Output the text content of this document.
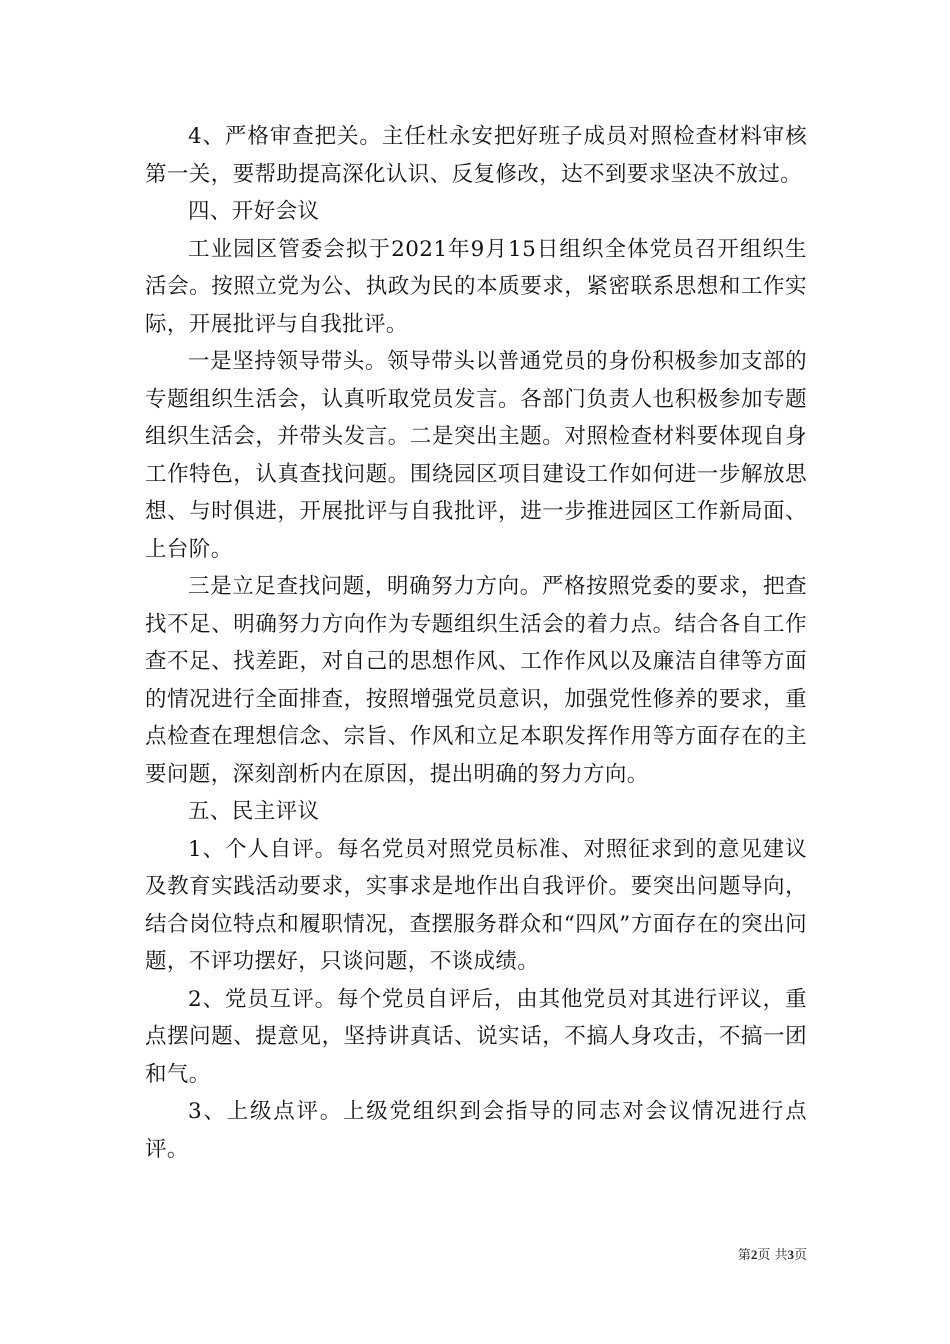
4、严格审查把关。主任杜永安把好班子成员对照检查材料审核第一关，要帮助提高深化认识、反复修改，达不到要求坚决不放过。

四、开好会议

工业园区管委会拟于2021年9月15日组织全体党员召开组织生活会。按照立党为公、执政为民的本质要求，紧密联系思想和工作实际，开展批评与自我批评。

一是坚持领导带头。领导带头以普通党员的身份积极参加支部的专题组织生活会，认真听取党员发言。各部门负责人也积极参加专题组织生活会，并带头发言。二是突出主题。对照检查材料要体现自身工作特色，认真查找问题。围绕园区项目建设工作如何进一步解放思想、与时俱进，开展批评与自我批评，进一步推进园区工作新局面、上台阶。

三是立足查找问题，明确努力方向。严格按照党委的要求，把查找不足、明确努力方向作为专题组织生活会的着力点。结合各自工作查不足、找差距，对自己的思想作风、工作作风以及廉洁自律等方面的情况进行全面排查，按照增强党员意识，加强党性修养的要求，重点检查在理想信念、宗旨、作风和立足本职发挥作用等方面存在的主要问题，深刻剖析内在原因，提出明确的努力方向。

五、民主评议

1、个人自评。每名党员对照党员标准、对照征求到的意见建议及教育实践活动要求，实事求是地作出自我评价。要突出问题导向，结合岗位特点和履职情况，查摆服务群众和“四风”方面存在的突出问题，不评功摆好，只谈问题，不谈成绩。

2、党员互评。每个党员自评后，由其他党员对其进行评议，重点摆问题、提意见，坚持讲真话、说实话，不搞人身攻击，不搞一团和气。

3、上级点评。上级党组织到会指导的同志对会议情况进行点评。

第2页 共3页
